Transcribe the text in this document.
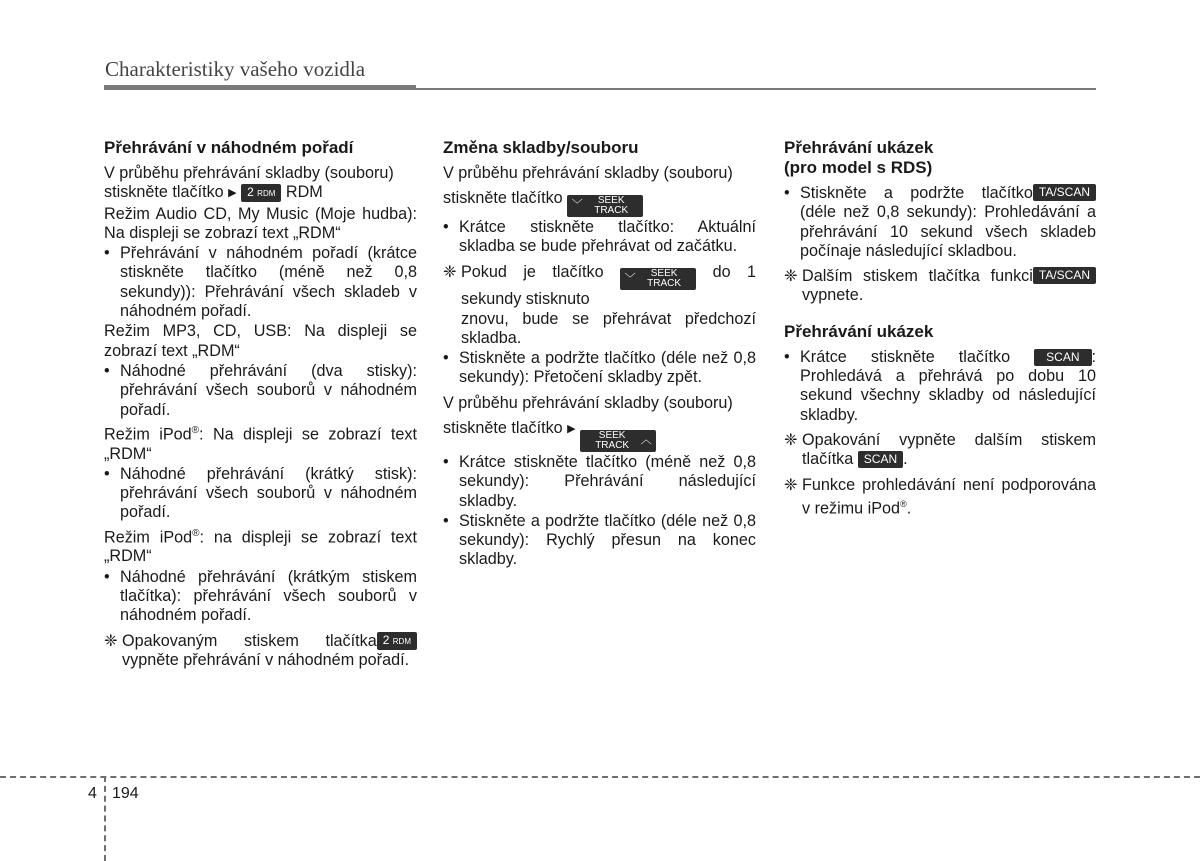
Charakteristiky vašeho vozidla
Přehrávání v náhodném pořadí

V průběhu přehrávání skladby (souboru) stiskněte tlačítko ▶ 2 RDM RDM

Režim Audio CD, My Music (Moje hudba): Na displeji se zobrazí text „RDM“

• Přehrávání v náhodném pořadí (krátce stiskněte tlačítko (méně než 0,8 sekundy)): Přehrávání všech skladeb v náhodném pořadí.

Režim MP3, CD, USB: Na displeji se zobrazí text „RDM“

• Náhodné přehrávání (dva stisky): přehrávání všech souborů v náhodném pořadí.

Režim iPod®: Na displeji se zobrazí text „RDM“

• Náhodné přehrávání (krátký stisk): přehrávání všech souborů v náhodném pořadí.

Režim iPod®: na displeji se zobrazí text „RDM“

• Náhodné přehrávání (krátkým stiskem tlačítka): přehrávání všech souborů v náhodném pořadí.
❈ Opakovaným stiskem tlačítka 2 RDM
vypněte přehrávání v náhodném pořadí.
Změna skladby/souboru

V průběhu přehrávání skladby (souboru)

stiskněte tlačítko ﹀	SEEK
TRACK

• Krátce stiskněte tlačítko: Aktuální skladba se bude přehrávat od začátku.
❈ Pokud je tlačítko ﹀	SEEK
TRACK
do 1 sekundy stisknuto
znovu, bude se přehrávat předchozí skladba.
• Stiskněte a podržte tlačítko (déle než 0,8 sekundy): Přetočení skladby zpět.

V průběhu přehrávání skladby (souboru)

stiskněte tlačítko ▶
SEEK
TRACK	︿

• Krátce stiskněte tlačítko (méně než 0,8 sekundy): Přehrávání následující skladby.
• Stiskněte a podržte tlačítko (déle než 0,8 sekundy): Rychlý přesun na konec skladby.
Přehrávání ukázek
(pro model s RDS)
• Stiskněte a podržte tlačítko TA/SCAN
(déle než 0,8 sekundy): Prohledávání a přehrávání 10 sekund všech skladeb počínaje následující skladbou.
❈ Dalším stiskem tlačítka	TA/SCAN
funkci vypnete.
Přehrávání ukázek
• Krátce stiskněte tlačítko	SCAN : Prohledává a přehrává po dobu 10 sekund všechny skladby od následující skladby.
❈ Opakování vypněte dalším stiskem tlačítka SCAN .
❈ Funkce prohledávání není podporována v režimu iPod®.
4 194
